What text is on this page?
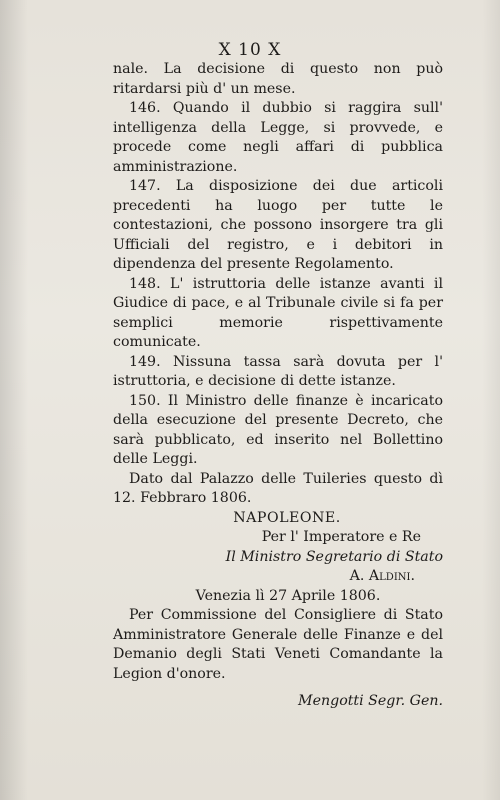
X 10 X

nale. La decisione di questo non può ritardarsi più d' un mese.

146. Quando il dubbio si raggira sull' intelligenza della Legge, si provvede, e procede come negli affari di pubblica amministrazione.

147. La disposizione dei due articoli precedenti ha luogo per tutte le contestazioni, che possono insorgere tra gli Ufficiali del registro, e i debitori in dipendenza del presente Regolamento.

148. L' istruttoria delle istanze avanti il Giudice di pace, e al Tribunale civile si fa per semplici memorie rispettivamente comunicate.

149. Nissuna tassa sarà dovuta per l' istruttoria, e decisione di dette istanze.

150. Il Ministro delle finanze è incaricato della esecuzione del presente Decreto, che sarà pubblicato, ed inserito nel Bollettino delle Leggi.

Dato dal Palazzo delle Tuileries questo dì 12. Febbraro 1806.

NAPOLEONE.

Per l' Imperatore e Re

Il Ministro Segretario di Stato

A. Aldini.

Venezia lì 27 Aprile 1806.

Per Commissione del Consigliere di Stato Amministratore Generale delle Finanze e del Demanio degli Stati Veneti Comandante la Legion d'onore.

Mengotti Segr. Gen.
